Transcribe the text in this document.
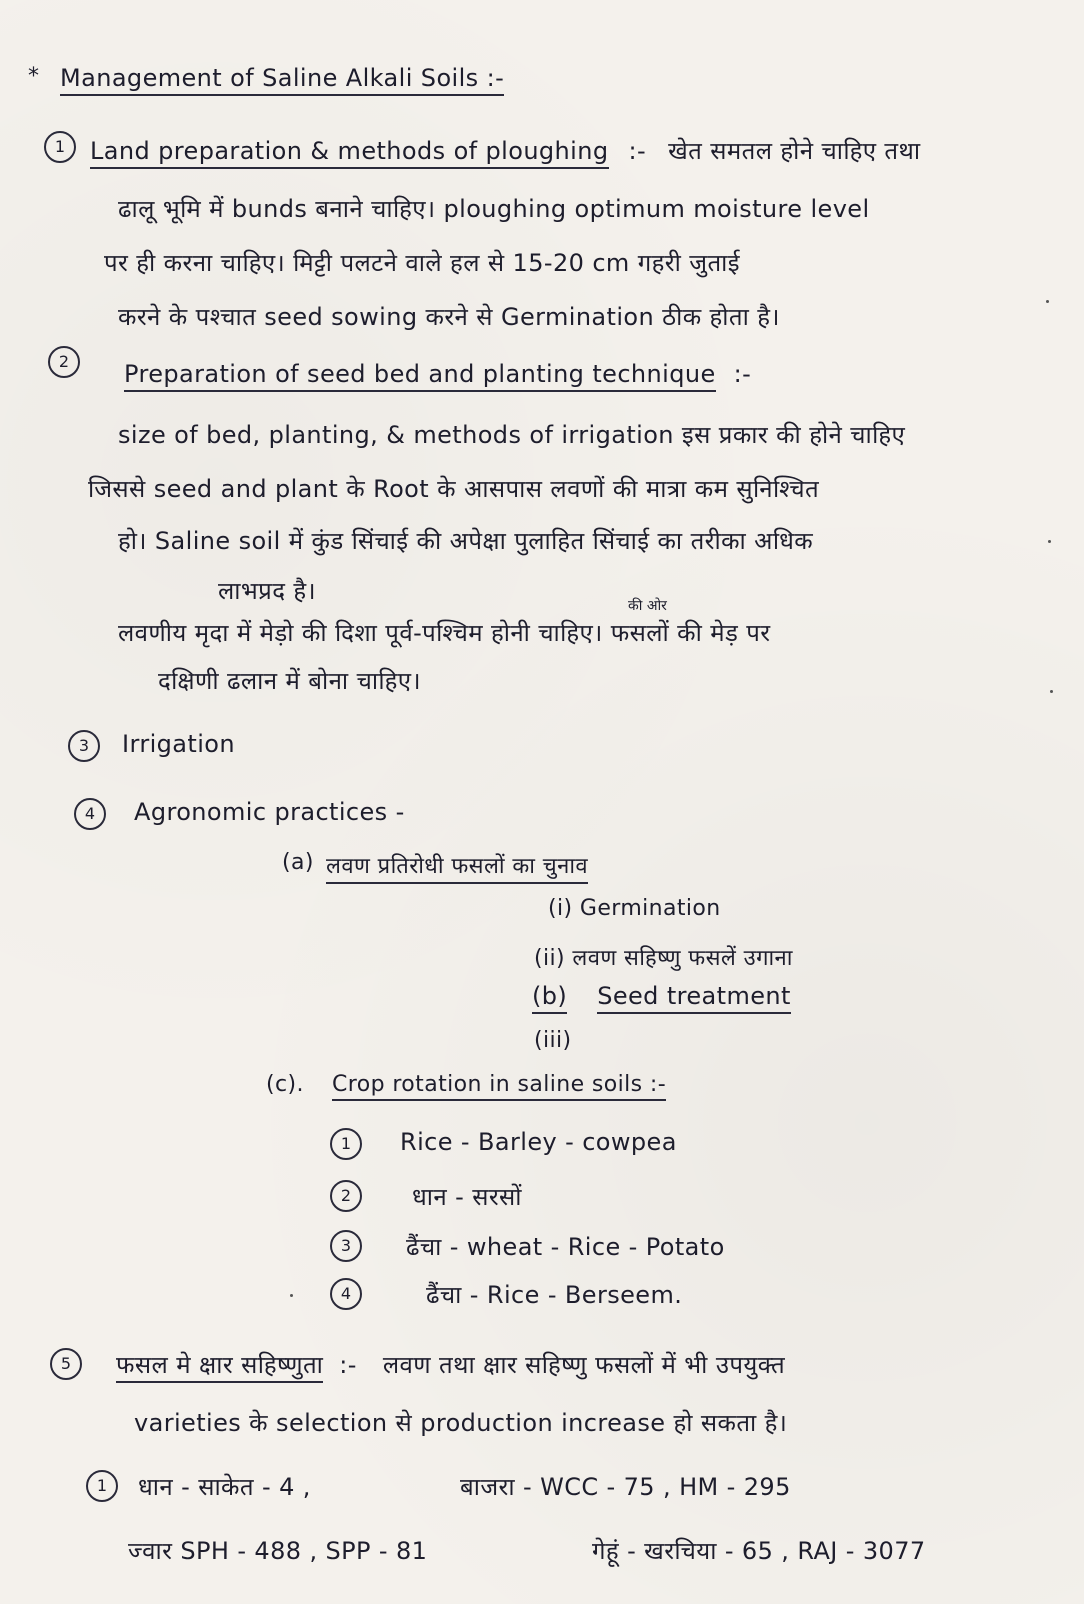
* Management of Saline Alkali Soils :-
1	Land preparation & methods of ploughing :- खेत समतल होने चाहिए तथा
ढालू भूमि में bunds बनाने चाहिए। ploughing optimum moisture level
पर ही करना चाहिए। मिट्टी पलटने वाले हल से 15-20 cm गहरी जुताई
करने के पश्चात seed sowing करने से Germination ठीक होता है।
2	Preparation of seed bed and planting technique :-
size of bed, planting, & methods of irrigation इस प्रकार की होने चाहिए
जिससे seed and plant के Root के आसपास लवणों की मात्रा कम सुनिश्चित
हो। Saline soil में कुंड सिंचाई की अपेक्षा पुलाहित सिंचाई का तरीका अधिक
लाभप्रद है।
की ओर
लवणीय मृदा में मेड़ो की दिशा पूर्व-पश्चिम होनी चाहिए। फसलों की मेड़ पर
दक्षिणी ढलान में बोना चाहिए।
3	Irrigation
4	Agronomic practices -
(a) लवण प्रतिरोधी फसलों का चुनाव
(i) Germination
(ii) लवण सहिष्णु फसलें उगाना
(b) Seed treatment
(iii)
(c). Crop rotation in saline soils :-
1	Rice - Barley - cowpea
2	धान - सरसों
3	ढैंचा - wheat - Rice - Potato
4	ढैंचा - Rice - Berseem.
5	फसल मे क्षार सहिष्णुता :- लवण तथा क्षार सहिष्णु फसलों में भी उपयुक्त
varieties के selection से production increase हो सकता है।
1	धान - साकेत - 4 ,	बाजरा - WCC - 75 , HM - 295
ज्वार SPH - 488 , SPP - 81	गेहूं - खरचिया - 65 , RAJ - 3077
